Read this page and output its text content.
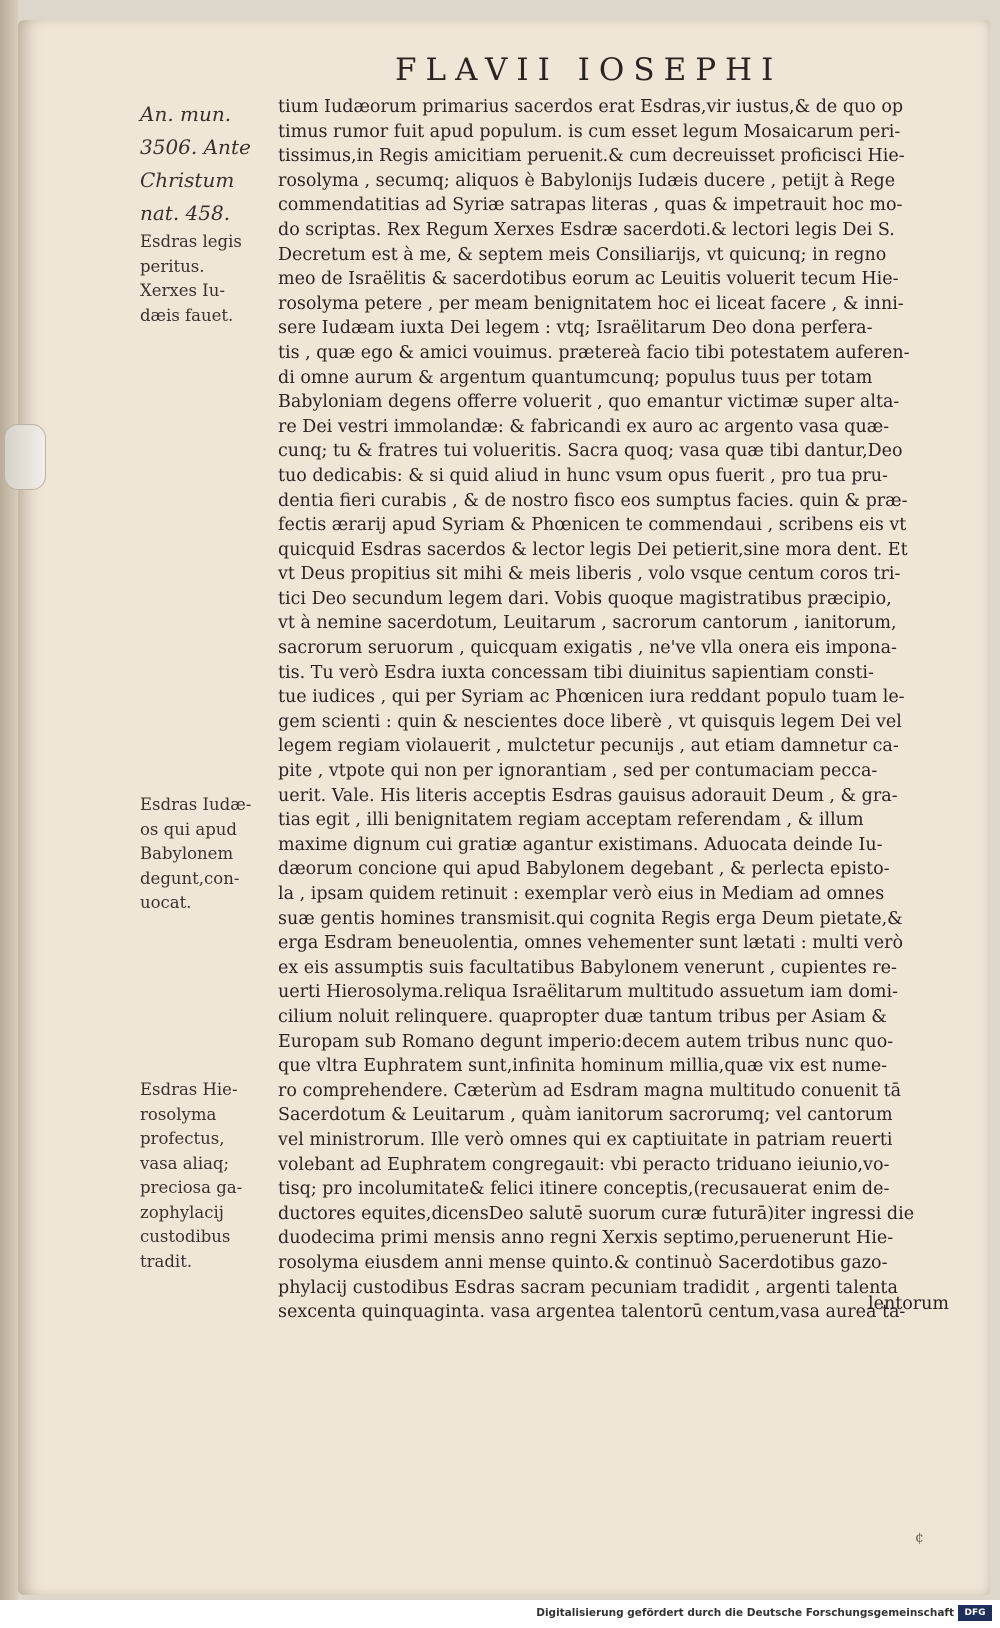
FLAVII IOSEPHI
An. mun.
3506. Ante
Christum
nat. 458.
Esdras legis
peritus.
Xerxes Iu-
dæis fauet.
Esdras Iudæ-
os qui apud
Babylonem
degunt,con-
uocat.
Esdras Hie-
rosolyma
profectus,
vasa aliaq;
preciosa ga-
zophylacij
custodibus
tradit.
tium Iudæorum primarius sacerdos erat Esdras,vir iustus,& de quo op
timus rumor fuit apud populum. is cum esset legum Mosaicarum peri-
tissimus,in Regis amicitiam peruenit.& cum decreuisset proficisci Hie-
rosolyma , secumq; aliquos è Babylonijs Iudæis ducere , petijt à Rege
commendatitias ad Syriæ satrapas literas , quas & impetrauit hoc mo-
do scriptas. Rex Regum Xerxes Esdræ sacerdoti.& lectori legis Dei S.
Decretum est à me, & septem meis Consiliarijs, vt quicunq; in regno
meo de Israëlitis & sacerdotibus eorum ac Leuitis voluerit tecum Hie-
rosolyma petere , per meam benignitatem hoc ei liceat facere , & inni-
sere Iudæam iuxta Dei legem : vtq; Israëlitarum Deo dona perfera-
tis , quæ ego & amici vouimus. prætereà facio tibi potestatem auferen-
di omne aurum & argentum quantumcunq; populus tuus per totam
Babyloniam degens offerre voluerit , quo emantur victimæ super alta-
re Dei vestri immolandæ: & fabricandi ex auro ac argento vasa quæ-
cunq; tu & fratres tui volueritis. Sacra quoq; vasa quæ tibi dantur,Deo
tuo dedicabis: & si quid aliud in hunc vsum opus fuerit , pro tua pru-
dentia fieri curabis , & de nostro fisco eos sumptus facies. quin & præ-
fectis ærarij apud Syriam & Phœnicen te commendaui , scribens eis vt
quicquid Esdras sacerdos & lector legis Dei petierit,sine mora dent. Et
vt Deus propitius sit mihi & meis liberis , volo vsque centum coros tri-
tici Deo secundum legem dari. Vobis quoque magistratibus præcipio,
vt à nemine sacerdotum, Leuitarum , sacrorum cantorum , ianitorum,
sacrorum seruorum , quicquam exigatis , ne've vlla onera eis impona-
tis. Tu verò Esdra iuxta concessam tibi diuinitus sapientiam consti-
tue iudices , qui per Syriam ac Phœnicen iura reddant populo tuam le-
gem scienti : quin & nescientes doce liberè , vt quisquis legem Dei vel
legem regiam violauerit , mulctetur pecunijs , aut etiam damnetur ca-
pite , vtpote qui non per ignorantiam , sed per contumaciam pecca-
uerit. Vale. His literis acceptis Esdras gauisus adorauit Deum , & gra-
tias egit , illi benignitatem regiam acceptam referendam , & illum
maxime dignum cui gratiæ agantur existimans. Aduocata deinde Iu-
dæorum concione qui apud Babylonem degebant , & perlecta episto-
la , ipsam quidem retinuit : exemplar verò eius in Mediam ad omnes
suæ gentis homines transmisit.qui cognita Regis erga Deum pietate,&
erga Esdram beneuolentia, omnes vehementer sunt lætati : multi verò
ex eis assumptis suis facultatibus Babylonem venerunt , cupientes re-
uerti Hierosolyma.reliqua Israëlitarum multitudo assuetum iam domi-
cilium noluit relinquere. quapropter duæ tantum tribus per Asiam &
Europam sub Romano degunt imperio:decem autem tribus nunc quo-
que vltra Euphratem sunt,infinita hominum millia,quæ vix est nume-
ro comprehendere. Cæterùm ad Esdram magna multitudo conuenit tā
Sacerdotum & Leuitarum , quàm ianitorum sacrorumq; vel cantorum
vel ministrorum. Ille verò omnes qui ex captiuitate in patriam reuerti
volebant ad Euphratem congregauit: vbi peracto triduano ieiunio,vo-
tisq; pro incolumitate& felici itinere conceptis,(recusauerat enim de-
ductores equites,dicensDeo salutē suorum curæ futurā)iter ingressi die
duodecima primi mensis anno regni Xerxis septimo,peruenerunt Hie-
rosolyma eiusdem anni mense quinto.& continuò Sacerdotibus gazo-
phylacij custodibus Esdras sacram pecuniam tradidit , argenti talenta
sexcenta quinquaginta. vasa argentea talentorū centum,vasa aurea ta-
lentorum
¢
Digitalisierung gefördert durch die Deutsche Forschungsgemeinschaft	DFG
